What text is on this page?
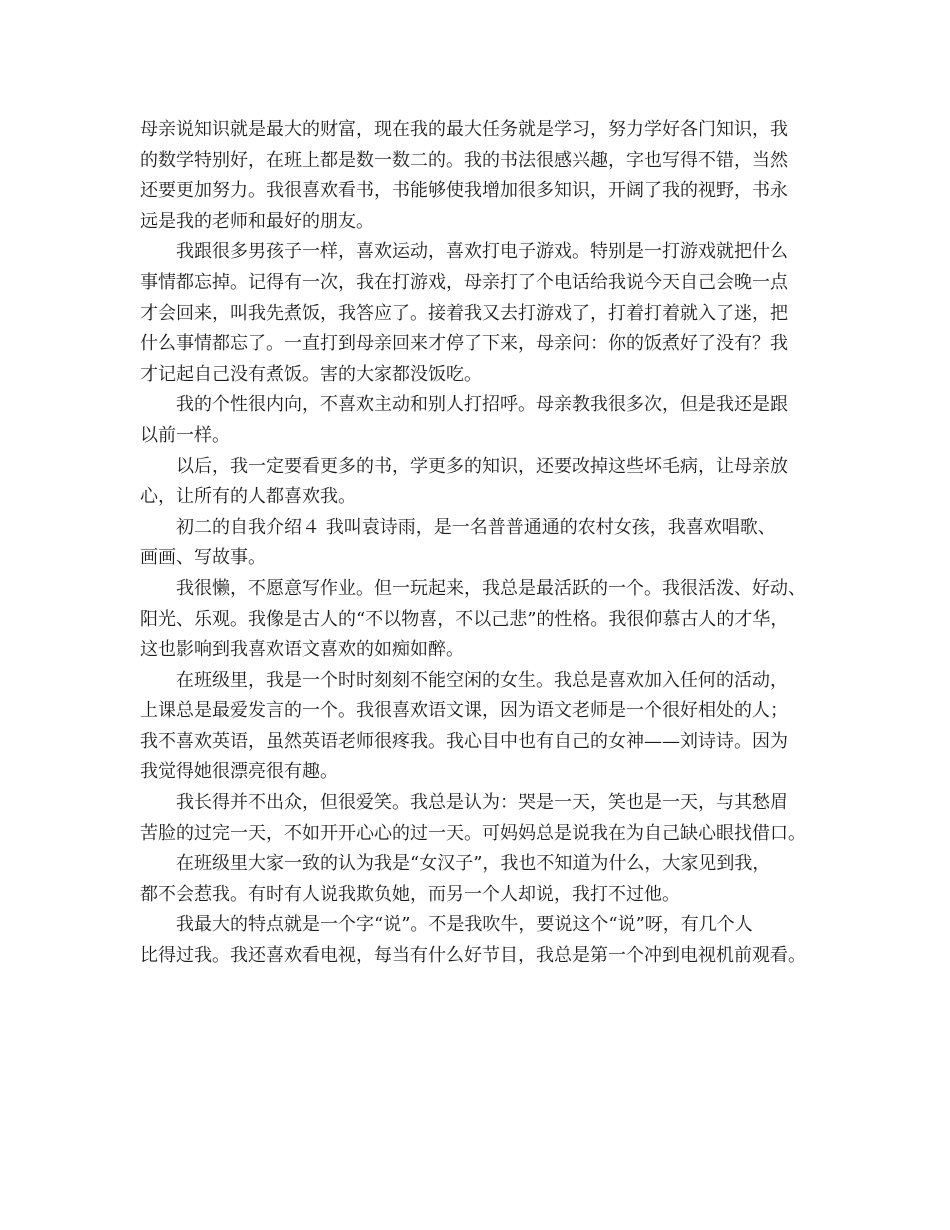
母亲说知识就是最大的财富，现在我的最大任务就是学习，努力学好各门知识，我
的数学特别好，在班上都是数一数二的。我的书法很感兴趣，字也写得不错，当然
还要更加努力。我很喜欢看书，书能够使我增加很多知识，开阔了我的视野，书永
远是我的老师和最好的朋友。
我跟很多男孩子一样，喜欢运动，喜欢打电子游戏。特别是一打游戏就把什么
事情都忘掉。记得有一次，我在打游戏，母亲打了个电话给我说今天自己会晚一点
才会回来，叫我先煮饭，我答应了。接着我又去打游戏了，打着打着就入了迷，把
什么事情都忘了。一直打到母亲回来才停了下来，母亲问：你的饭煮好了没有？我
才记起自己没有煮饭。害的大家都没饭吃。
我的个性很内向，不喜欢主动和别人打招呼。母亲教我很多次，但是我还是跟
以前一样。
以后，我一定要看更多的书，学更多的知识，还要改掉这些坏毛病，让母亲放
心，让所有的人都喜欢我。
初二的自我介绍４ 我叫袁诗雨，是一名普普通通的农村女孩，我喜欢唱歌、
画画、写故事。
我很懒，不愿意写作业。但一玩起来，我总是最活跃的一个。我很活泼、好动、
阳光、乐观。我像是古人的“不以物喜，不以己悲”的性格。我很仰慕古人的才华，
这也影响到我喜欢语文喜欢的如痴如醉。
在班级里，我是一个时时刻刻不能空闲的女生。我总是喜欢加入任何的活动，
上课总是最爱发言的一个。我很喜欢语文课，因为语文老师是一个很好相处的人；
我不喜欢英语，虽然英语老师很疼我。我心目中也有自己的女神——刘诗诗。因为
我觉得她很漂亮很有趣。
我长得并不出众，但很爱笑。我总是认为：哭是一天，笑也是一天，与其愁眉
苦脸的过完一天，不如开开心心的过一天。可妈妈总是说我在为自己缺心眼找借口。
在班级里大家一致的认为我是“女汉子”，我也不知道为什么，大家见到我，
都不会惹我。有时有人说我欺负她，而另一个人却说，我打不过他。
我最大的特点就是一个字“说”。不是我吹牛，要说这个“说”呀，有几个人
比得过我。我还喜欢看电视，每当有什么好节目，我总是第一个冲到电视机前观看。
